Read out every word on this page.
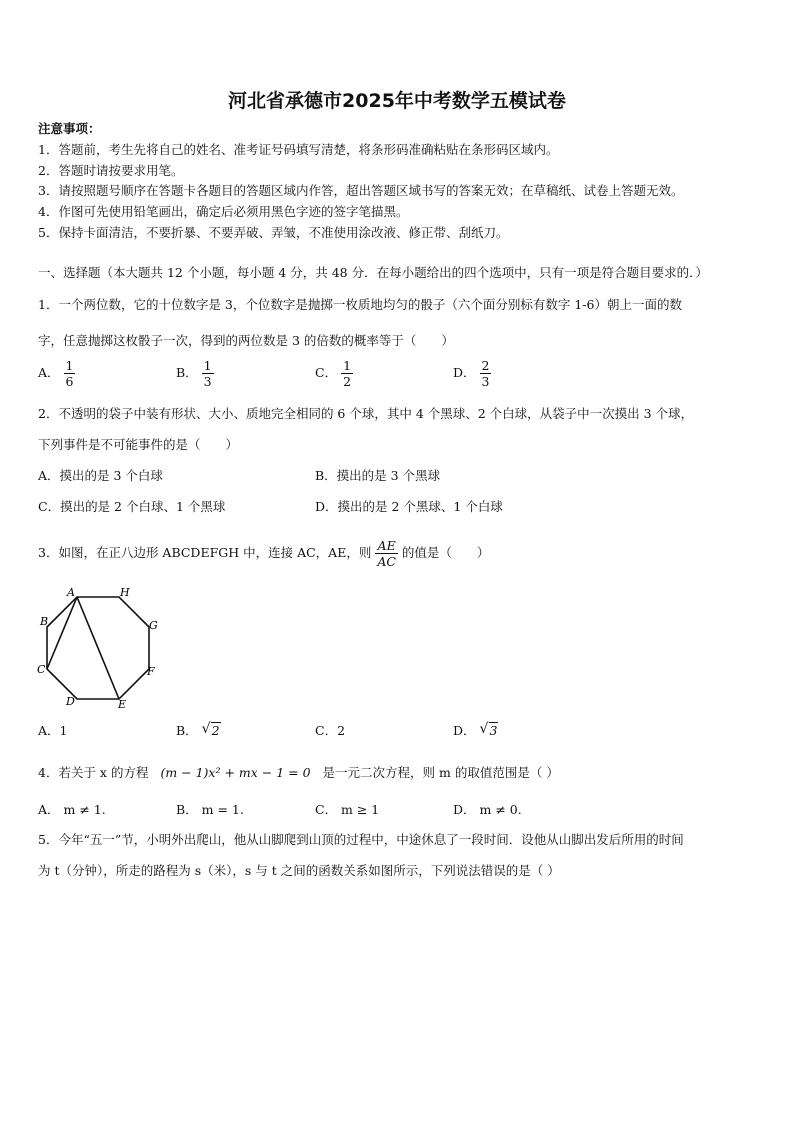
河北省承德市2025年中考数学五模试卷
注意事项：
1．答题前，考生先将自己的姓名、准考证号码填写清楚，将条形码准确粘贴在条形码区域内。
2．答题时请按要求用笔。
3．请按照题号顺序在答题卡各题目的答题区域内作答，超出答题区域书写的答案无效；在草稿纸、试卷上答题无效。
4．作图可先使用铅笔画出，确定后必须用黑色字迹的签字笔描黑。
5．保持卡面清洁，不要折暴、不要弄破、弄皱，不准使用涂改液、修正带、刮纸刀。
一、选择题（本大题共 12 个小题，每小题 4 分，共 48 分．在每小题给出的四个选项中，只有一项是符合题目要求的．）
1．一个两位数，它的十位数字是 3，个位数字是抛掷一枚质地均匀的骰子（六个面分别标有数字 1-6）朝上一面的数
字，任意抛掷这枚骰子一次，得到的两位数是 3 的倍数的概率等于（　　）
A． $\frac{1}{6}$	B． $\frac{1}{3}$	C． $\frac{1}{2}$	D． $\frac{2}{3}$
2．不透明的袋子中装有形状、大小、质地完全相同的 6 个球，其中 4 个黑球、2 个白球，从袋子中一次摸出 3 个球，
下列事件是不可能事件的是（　　）
A．摸出的是 3 个白球	B．摸出的是 3 个黑球
C．摸出的是 2 个白球、1 个黑球	D．摸出的是 2 个黑球、1 个白球
3．如图，在正八边形 ABCDEFGH 中，连接 AC，AE，则 $\frac{AE}{AC}$ 的值是（　　）
A	H
B	G
C	F
D	E
A．1	B． √ 2	C．2	D． √ 3
4．若关于 x 的方程 (m − 1)x² + mx − 1 = 0 是一元二次方程，则 m 的取值范围是（ ）
A． m ≠ 1.	B． m = 1.	C． m ≥ 1	D． m ≠ 0.
5．今年“五一”节，小明外出爬山，他从山脚爬到山顶的过程中，中途休息了一段时间．设他从山脚出发后所用的时间
为 t（分钟），所走的路程为 s（米），s 与 t 之间的函数关系如图所示，下列说法错误的是（ ）
